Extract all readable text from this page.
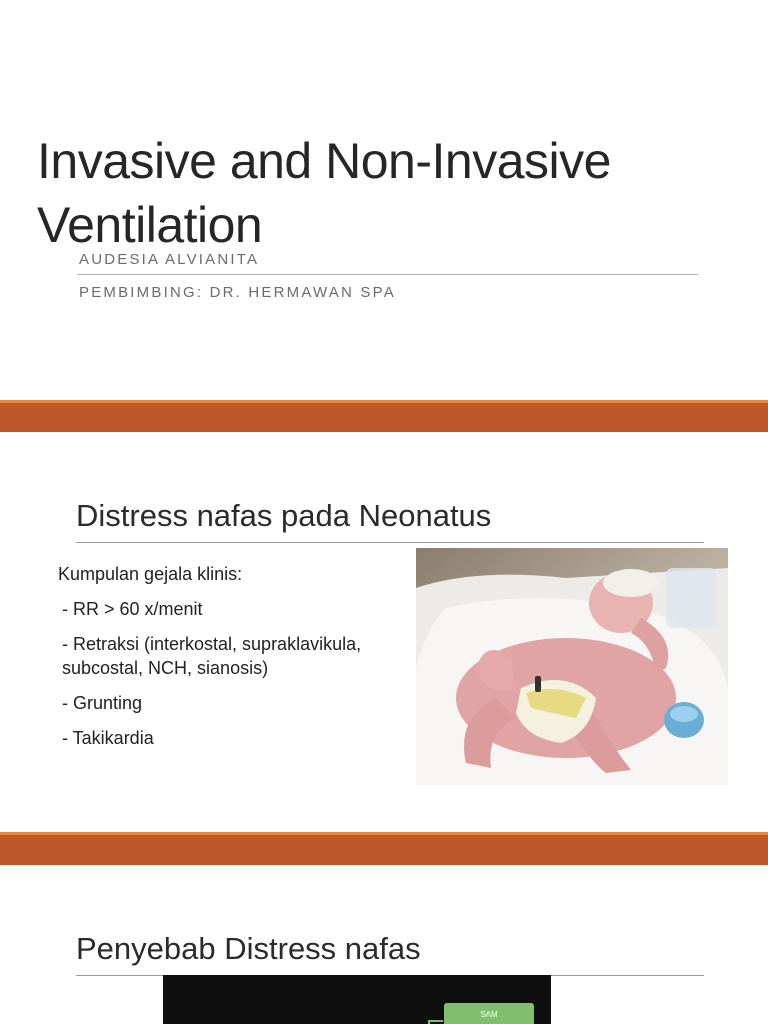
Invasive and Non-Invasive Ventilation
AUDESIA ALVIANITA
PEMBIMBING: DR. HERMAWAN SPA
Distress nafas pada Neonatus
Kumpulan gejala klinis:
- RR > 60 x/menit
- Retraksi (interkostal, supraklavikula, subcostal, NCH, sianosis)
- Grunting
- Takikardia
Penyebab Distress nafas
SAM
